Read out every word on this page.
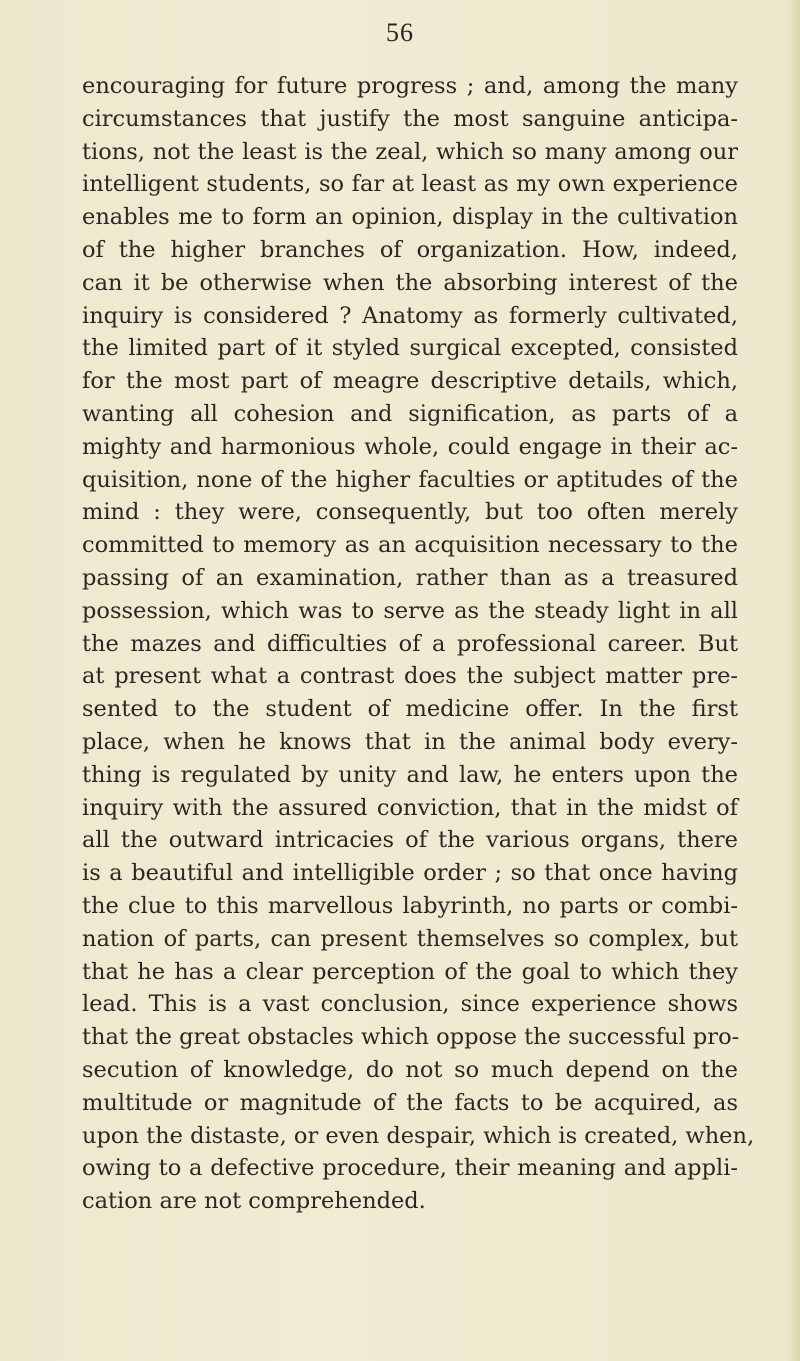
56
encouraging for future progress ; and, among the many
circumstances that justify the most sanguine anticipa-
tions, not the least is the zeal, which so many among our
intelligent students, so far at least as my own experience
enables me to form an opinion, display in the cultivation
of the higher branches of organization. How, indeed,
can it be otherwise when the absorbing interest of the
inquiry is considered ? Anatomy as formerly cultivated,
the limited part of it styled surgical excepted, consisted
for the most part of meagre descriptive details, which,
wanting all cohesion and signification, as parts of a
mighty and harmonious whole, could engage in their ac-
quisition, none of the higher faculties or aptitudes of the
mind : they were, consequently, but too often merely
committed to memory as an acquisition necessary to the
passing of an examination, rather than as a treasured
possession, which was to serve as the steady light in all
the mazes and difficulties of a professional career. But
at present what a contrast does the subject matter pre-
sented to the student of medicine offer. In the first
place, when he knows that in the animal body every-
thing is regulated by unity and law, he enters upon the
inquiry with the assured conviction, that in the midst of
all the outward intricacies of the various organs, there
is a beautiful and intelligible order ; so that once having
the clue to this marvellous labyrinth, no parts or combi-
nation of parts, can present themselves so complex, but
that he has a clear perception of the goal to which they
lead. This is a vast conclusion, since experience shows
that the great obstacles which oppose the successful pro-
secution of knowledge, do not so much depend on the
multitude or magnitude of the facts to be acquired, as
upon the distaste, or even despair, which is created, when,
owing to a defective procedure, their meaning and appli-
cation are not comprehended.
